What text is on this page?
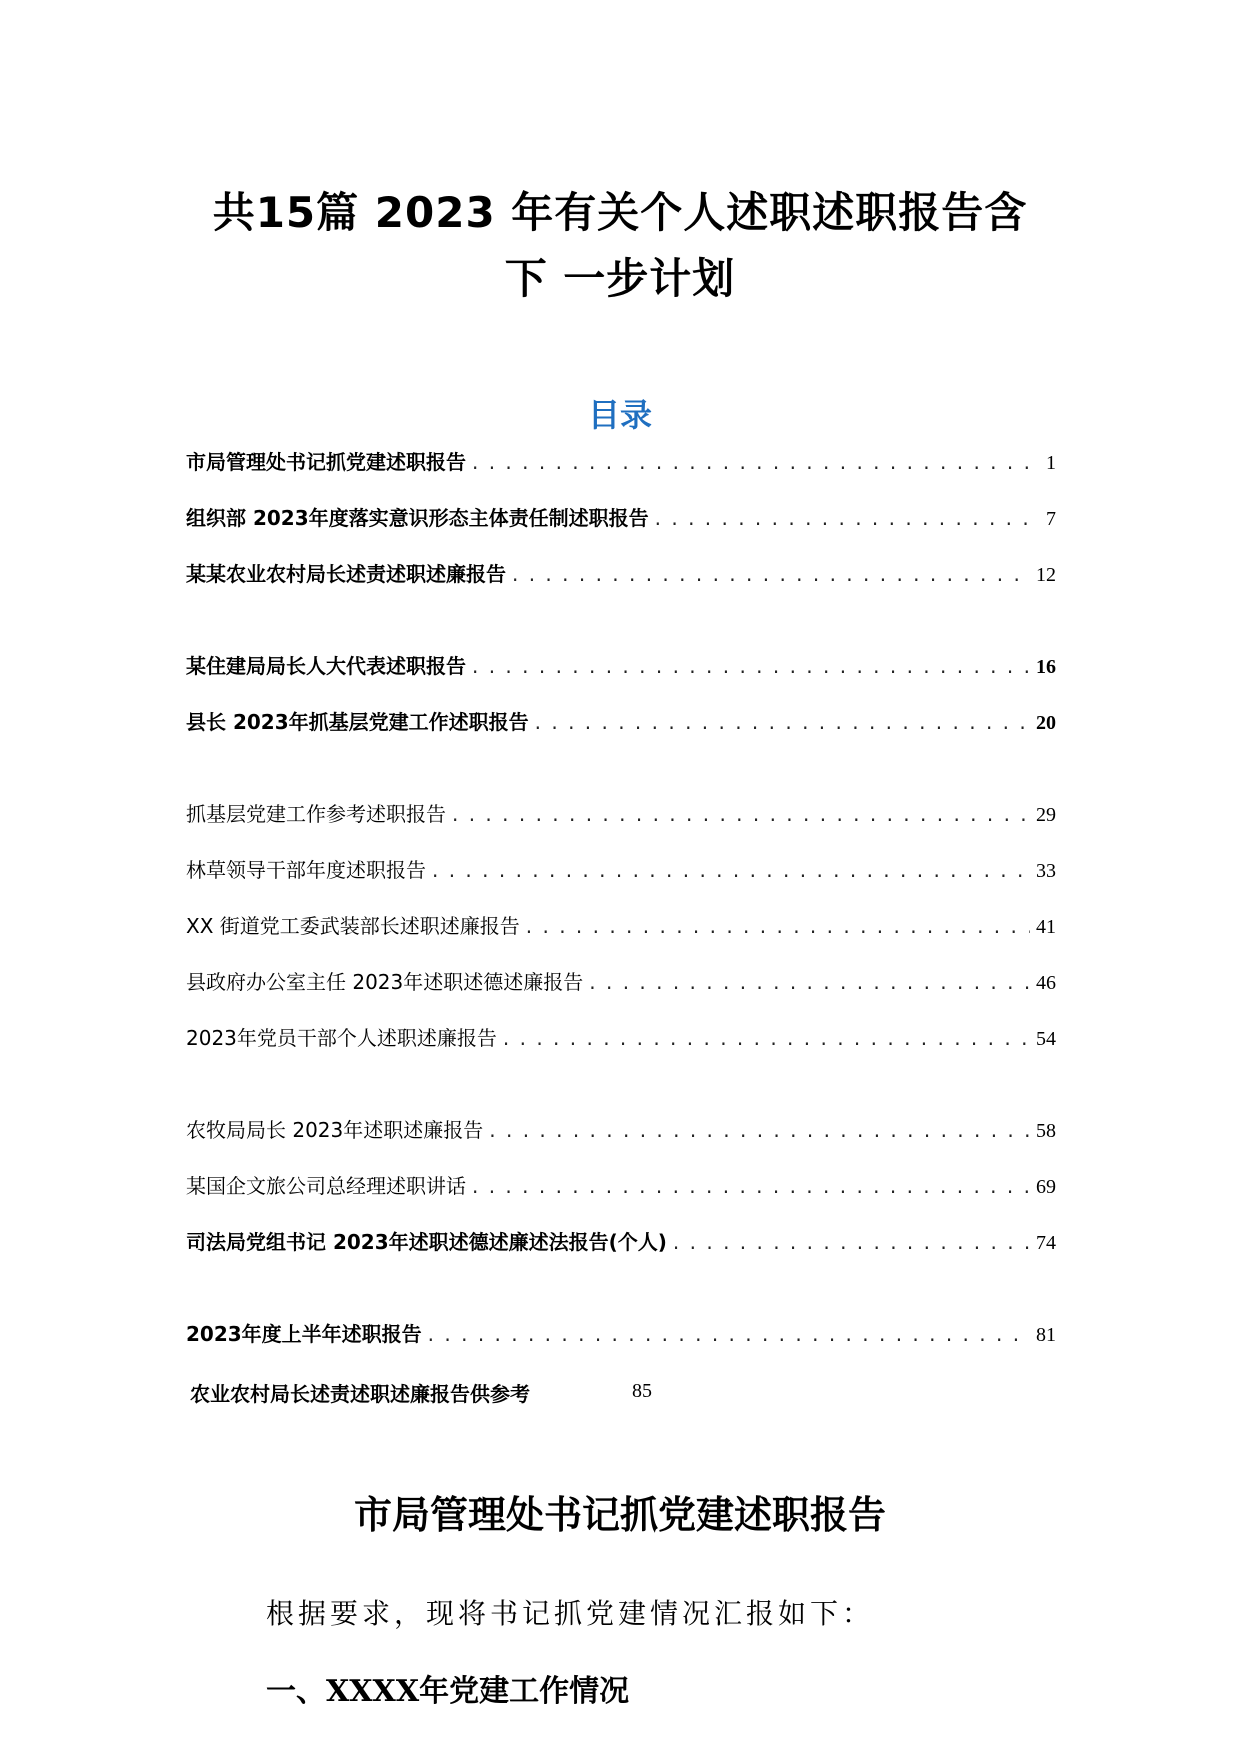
共15篇 2023 年有关个人述职述职报告含
下 一步计划
目录
市局管理处书记抓党建述职报告 . . .	1
组织部 2023年度落实意识形态主体责任制述职报告 . . .	7
某某农业农村局长述责述职述廉报告 . . .	12
某住建局局长人大代表述职报告 . . .	16
县长 2023年抓基层党建工作述职报告 . . .	20
抓基层党建工作参考述职报告 . . .	29
林草领导干部年度述职报告 . . .	33
XX 街道党工委武装部长述职述廉报告 . . .	41
县政府办公室主任 2023年述职述德述廉报告 . . .	46
2023年党员干部个人述职述廉报告 . . .	54
农牧局局长 2023年述职述廉报告 . . .	58
某国企文旅公司总经理述职讲话 . . .	69
司法局党组书记 2023年述职述德述廉述法报告(个人) . . .	74
2023年度上半年述职报告 . . .	81
农业农村局长述责述职述廉报告供参考	85
市局管理处书记抓党建述职报告
根据要求，现将书记抓党建情况汇报如下：
一、XXXX年党建工作情况
